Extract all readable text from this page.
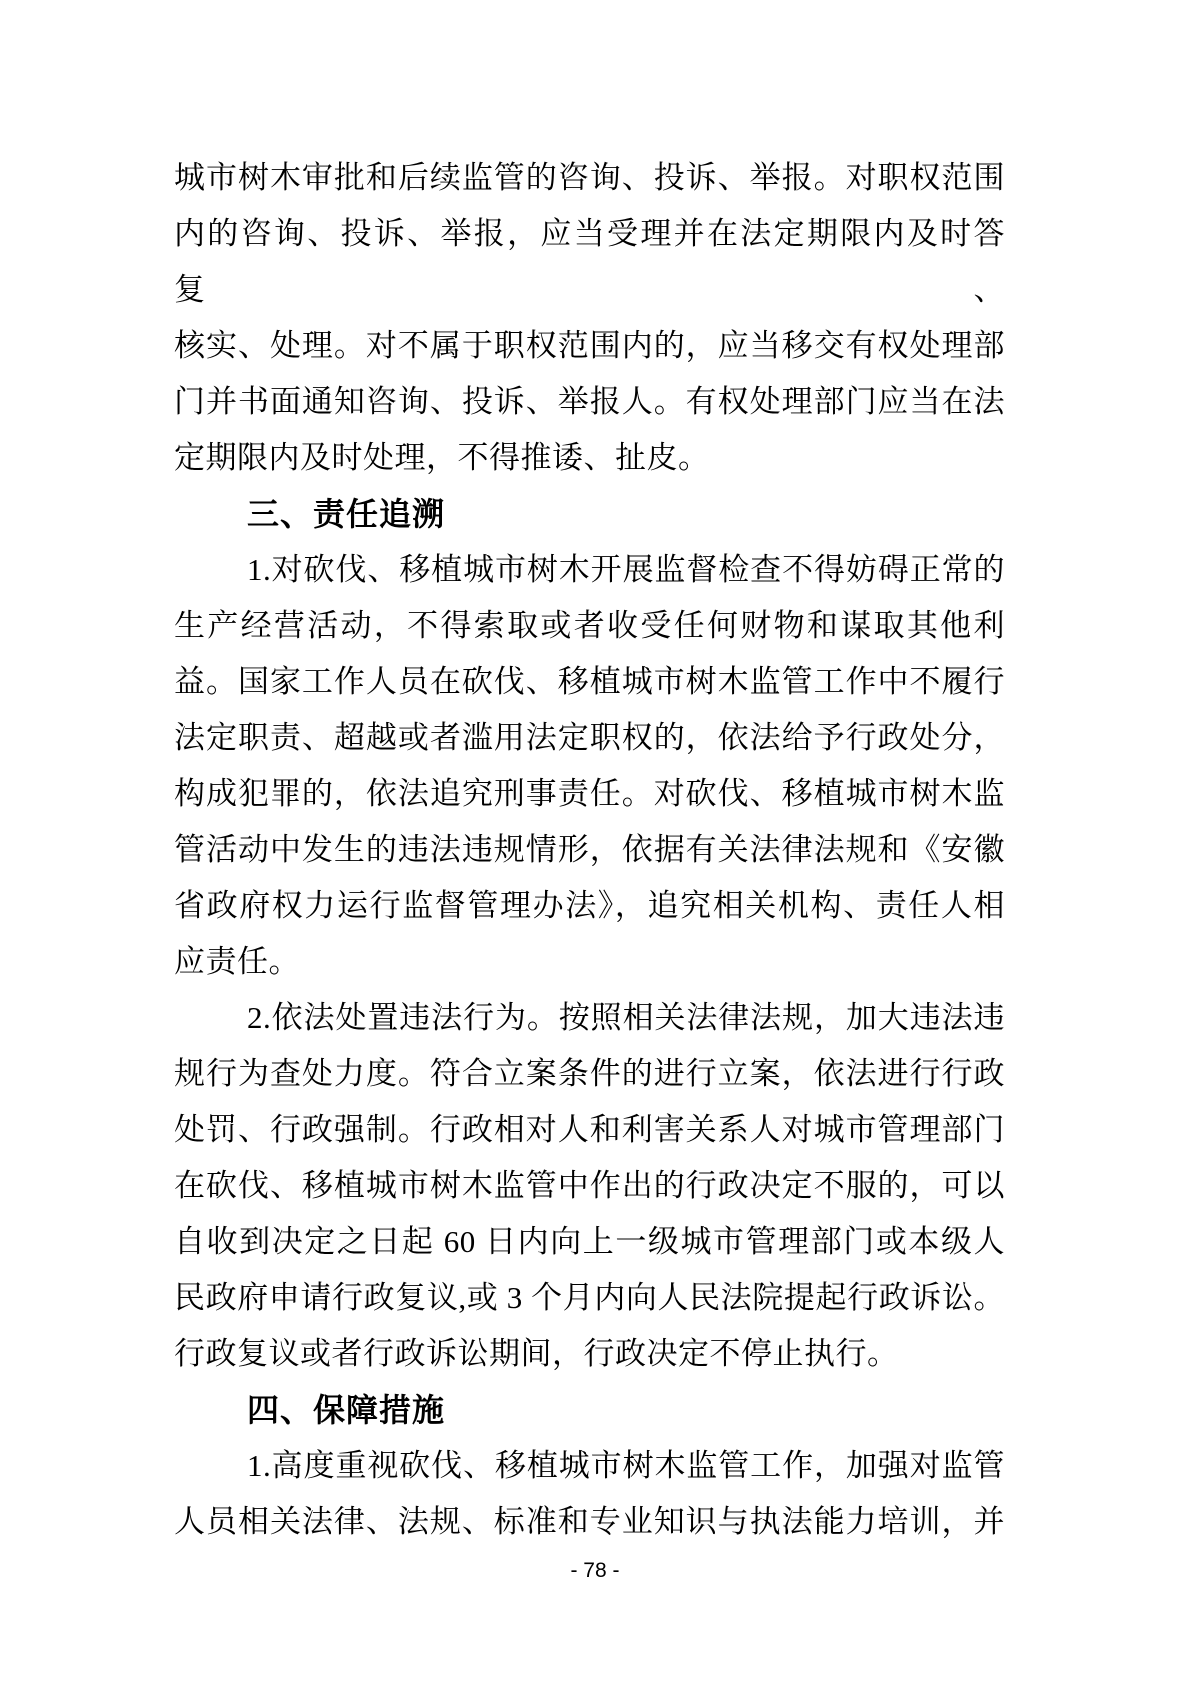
城市树木审批和后续监管的咨询、投诉、举报。对职权范围
内的咨询、投诉、举报，应当受理并在法定期限内及时答复、
核实、处理。对不属于职权范围内的，应当移交有权处理部
门并书面通知咨询、投诉、举报人。有权处理部门应当在法
定期限内及时处理，不得推诿、扯皮。
三、责任追溯
1.对砍伐、移植城市树木开展监督检查不得妨碍正常的
生产经营活动，不得索取或者收受任何财物和谋取其他利
益。国家工作人员在砍伐、移植城市树木监管工作中不履行
法定职责、超越或者滥用法定职权的，依法给予行政处分，
构成犯罪的，依法追究刑事责任。对砍伐、移植城市树木监
管活动中发生的违法违规情形，依据有关法律法规和《安徽
省政府权力运行监督管理办法》，追究相关机构、责任人相
应责任。
2.依法处置违法行为。按照相关法律法规，加大违法违
规行为查处力度。符合立案条件的进行立案，依法进行行政
处罚、行政强制。行政相对人和利害关系人对城市管理部门
在砍伐、移植城市树木监管中作出的行政决定不服的，可以
自收到决定之日起 60 日内向上一级城市管理部门或本级人
民政府申请行政复议,或 3 个月内向人民法院提起行政诉讼。
行政复议或者行政诉讼期间，行政决定不停止执行。
四、保障措施
1.高度重视砍伐、移植城市树木监管工作，加强对监管
人员相关法律、法规、标准和专业知识与执法能力培训，并
- 78 -
